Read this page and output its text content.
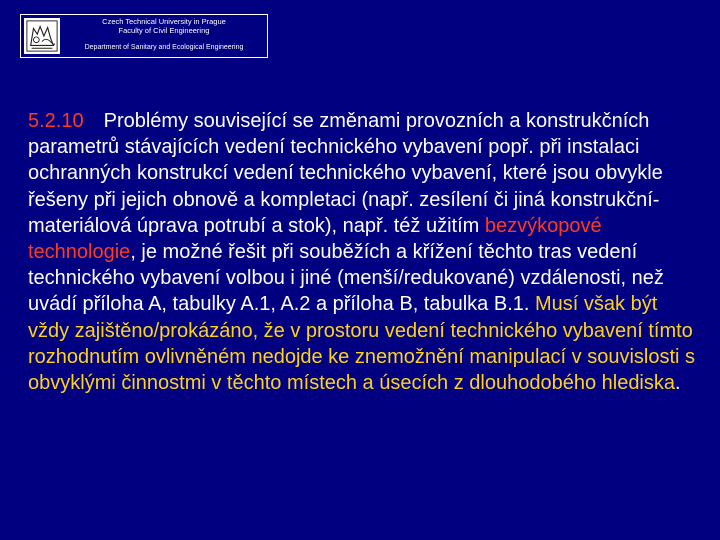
Czech Technical University in Prague
Faculty of Civil Engineering
Department of Sanitary and Ecological Engineering

5.2.10 Problémy související se změnami provozních a konstrukčních parametrů stávajících vedení technického vybavení popř. při instalaci ochranných konstrukcí vedení technického vybavení, které jsou obvykle řešeny při jejich obnově a kompletaci (např. zesílení či jiná konstrukční-materiálová úprava potrubí a stok), např. též užitím bezvýkopové technologie, je možné řešit při souběžích a křížení těchto tras vedení technického vybavení volbou i jiné (menší/redukované) vzdálenosti, než uvádí příloha A, tabulky A.1, A.2 a příloha B, tabulka B.1. Musí však být vždy zajištěno/prokázáno, že v prostoru vedení technického vybavení tímto rozhodnutím ovlivněném nedojde ke znemožnění manipulací v souvislosti s obvyklými činnostmi v těchto místech a úsecích z dlouhodobého hlediska.
